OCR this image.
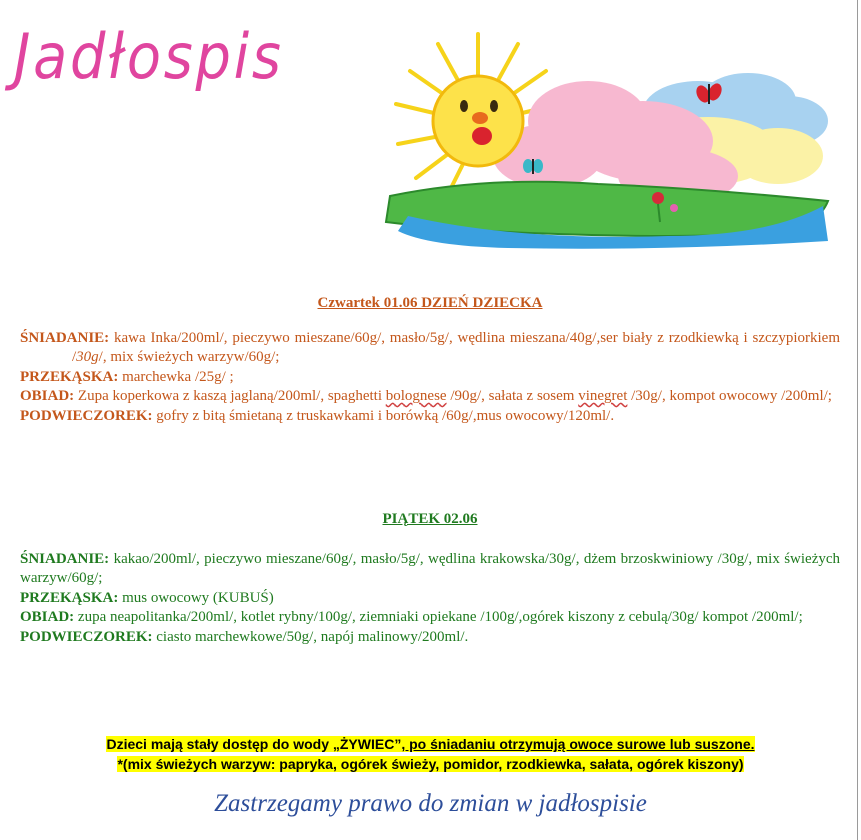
Jadłospis
Czwartek 01.06 DZIEŃ DZIECKA

ŚNIADANIE: kawa Inka/200ml/, pieczywo mieszane/60g/, masło/5g/, wędlina mieszana/40g/,ser biały z rzodkiewką i szczypiorkiem /30g/, mix świeżych warzyw/60g/;

PRZEKĄSKA: marchewka /25g/ ;

OBIAD: Zupa koperkowa z kaszą jaglaną/200ml/, spaghetti bolognese /90g/, sałata z sosem vinegret /30g/, kompot owocowy /200ml/;

PODWIECZOREK: gofry z bitą śmietaną z truskawkami i borówką /60g/,mus owocowy/120ml/.

PIĄTEK 02.06

ŚNIADANIE: kakao/200ml/, pieczywo mieszane/60g/, masło/5g/, wędlina krakowska/30g/, dżem brzoskwiniowy /30g/, mix świeżych warzyw/60g/;

PRZEKĄSKA: mus owocowy (KUBUŚ)

OBIAD: zupa neapolitanka/200ml/, kotlet rybny/100g/, ziemniaki opiekane /100g/,ogórek kiszony z cebulą/30g/ kompot /200ml/;

PODWIECZOREK: ciasto marchewkowe/50g/, napój malinowy/200ml/.

Dzieci mają stały dostęp do wody „ŻYWIEC”, po śniadaniu otrzymują owoce surowe lub suszone.
*(mix świeżych warzyw: papryka, ogórek świeży, pomidor, rzodkiewka, sałata, ogórek kiszony)
Zastrzegamy prawo do zmian w jadłospisie
